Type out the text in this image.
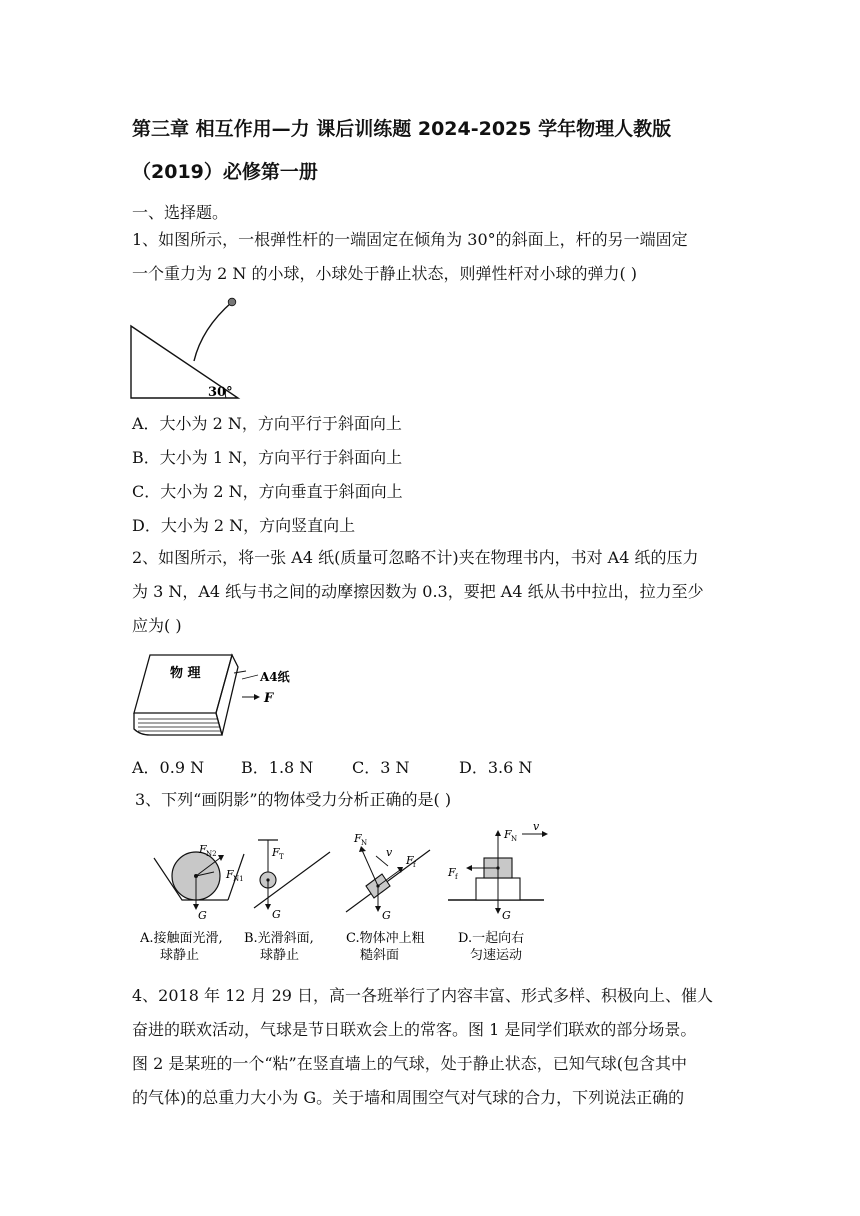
第三章 相互作用—力 课后训练题 2024-2025 学年物理人教版
（2019）必修第一册
一、选择题。
1、如图所示，一根弹性杆的一端固定在倾角为 30°的斜面上，杆的另一端固定
一个重力为 2 N 的小球，小球处于静止状态，则弹性杆对小球的弹力( )
30°
A．大小为 2 N，方向平行于斜面向上
B．大小为 1 N，方向平行于斜面向上
C．大小为 2 N，方向垂直于斜面向上
D．大小为 2 N，方向竖直向上
2、如图所示，将一张 A4 纸(质量可忽略不计)夹在物理书内，书对 A4 纸的压力
为 3 N，A4 纸与书之间的动摩擦因数为 0.3，要把 A4 纸从书中拉出，拉力至少
应为( )
物 理	A4纸
F
A．0.9 N B．1.8 N C．3 N	D．3.6 N
3、下列“画阴影”的物体受力分析正确的是( )
G
F N2
F N1
G
F T
G
F N
F f
v
F N
G
F f
v
A.接触面光滑,
球静止
B.光滑斜面,
球静止
C.物体冲上粗
糙斜面
D.一起向右
匀速运动
4、2018 年 12 月 29 日，高一各班举行了内容丰富、形式多样、积极向上、催人
奋进的联欢活动，气球是节日联欢会上的常客。图 1 是同学们联欢的部分场景。
图 2 是某班的一个“粘”在竖直墙上的气球，处于静止状态，已知气球(包含其中
的气体)的总重力大小为 G。关于墙和周围空气对气球的合力，下列说法正确的
